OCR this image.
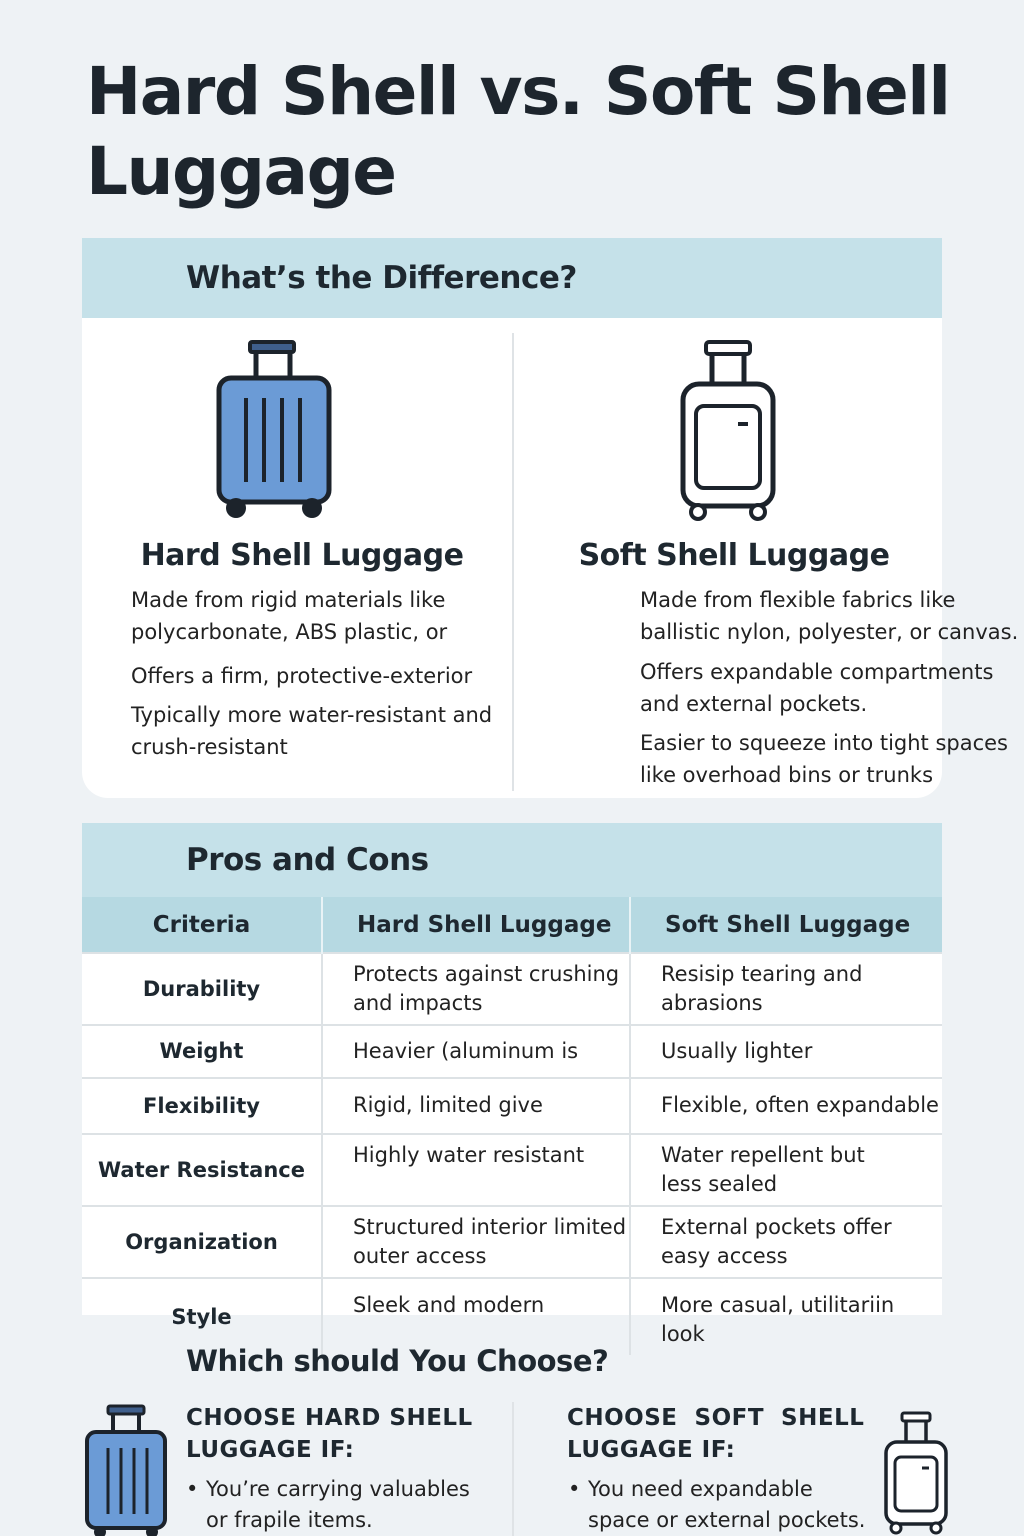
Hard Shell vs. Soft Shell Luggage
What’s the Difference?
Hard Shell Luggage

Made from rigid materials like polycarbonate, ABS plastic, or

Offers a firm, protective-exterior

Typically more water-resistant and crush-resistant

Soft Shell Luggage

Made from flexible fabrics like ballistic nylon, polyester, or canvas.

Offers expandable compartments and external pockets.

Easier to squeeze into tight spaces like overhoad bins or trunks

Pros and Cons
Criteria	Hard Shell Luggage	Soft Shell Luggage
Durability	Protects against crushing and impacts	Resisip tearing and abrasions
Weight	Heavier (aluminum is	Usually lighter
Flexibility	Rigid, limited give	Flexible, often expandable
Water Resistance	Highly water resistant	Water repellent but less sealed
Organization	Structured interior limited outer access	External pockets offer easy access
Style	Sleek and modern	More casual, utilitariin look
Which should You Choose?
CHOOSE HARD SHELL
LUGGAGE IF:
• You’re carrying valuables or frapile items.
CHOOSE  SOFT  SHELL
LUGGAGE IF:
• You need expandable space or external pockets.
